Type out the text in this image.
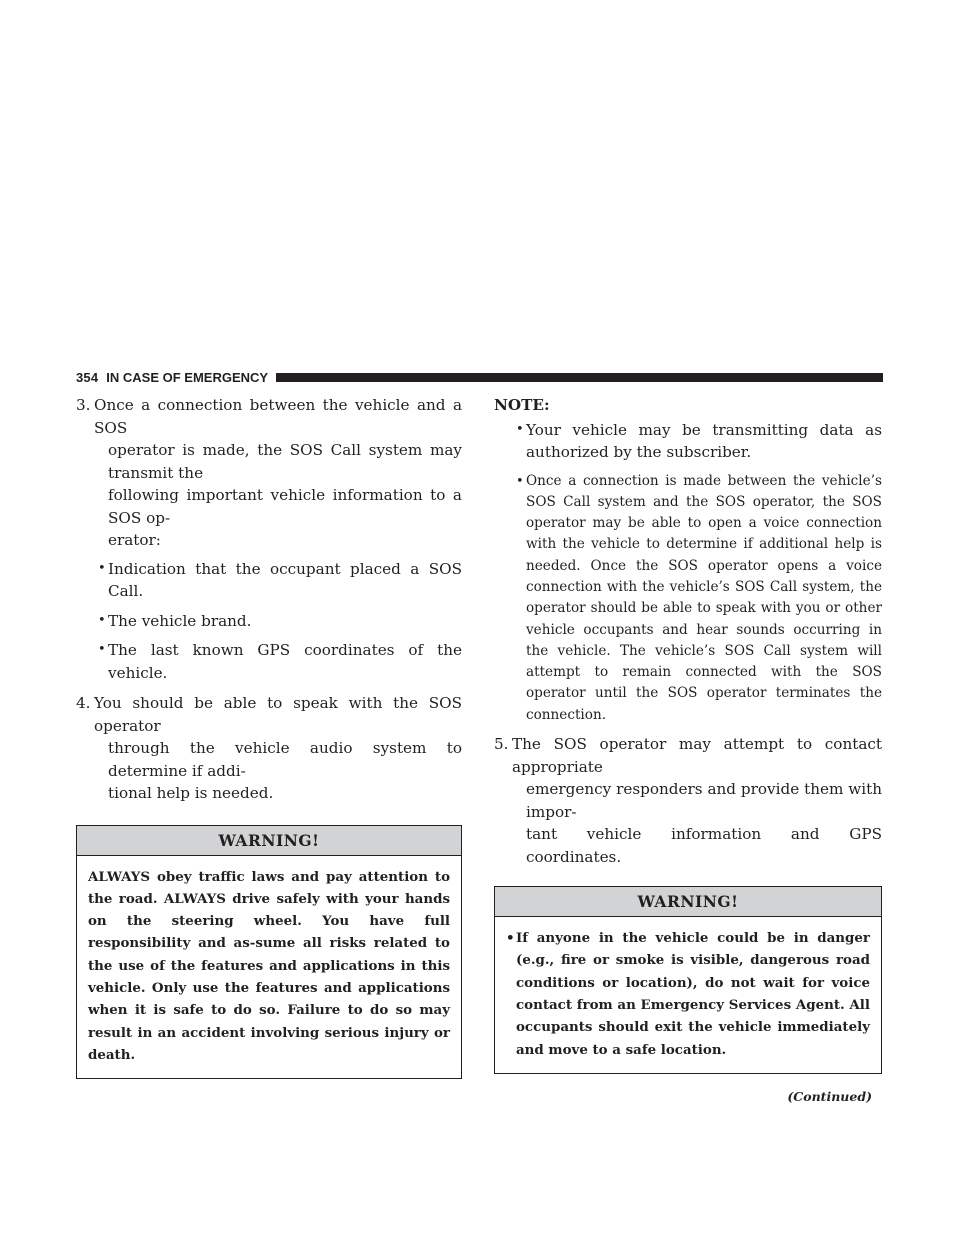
354 IN CASE OF EMERGENCY
3. Once a connection between the vehicle and a SOS
operator is made, the SOS Call system may transmit the
following important vehicle information to a SOS op-
erator:
• Indication that the occupant placed a SOS Call.
• The vehicle brand.
• The last known GPS coordinates of the vehicle.
4. You should be able to speak with the SOS operator
through the vehicle audio system to determine if addi-
tional help is needed.
WARNING!
ALWAYS obey traffic laws and pay attention to the road. ALWAYS drive safely with your hands on the steering wheel. You have full responsibility and as-sume all risks related to the use of the features and applications in this vehicle. Only use the features and applications when it is safe to do so. Failure to do so may result in an accident involving serious injury or death.
NOTE:
• Your vehicle may be transmitting data as authorized by the subscriber.
• Once a connection is made between the vehicle’s SOS Call system and the SOS operator, the SOS operator may be able to open a voice connection with the vehicle to determine if additional help is needed. Once the SOS operator opens a voice connection with the vehicle’s SOS Call system, the operator should be able to speak with you or other vehicle occupants and hear sounds occurring in the vehicle. The vehicle’s SOS Call system will attempt to remain connected with the SOS operator until the SOS operator terminates the connection.
5. The SOS operator may attempt to contact appropriate
emergency responders and provide them with impor-
tant vehicle information and GPS coordinates.
WARNING!
• If anyone in the vehicle could be in danger (e.g., fire or smoke is visible, dangerous road conditions or location), do not wait for voice contact from an Emergency Services Agent. All occupants should exit the vehicle immediately and move to a safe location.
(Continued)
